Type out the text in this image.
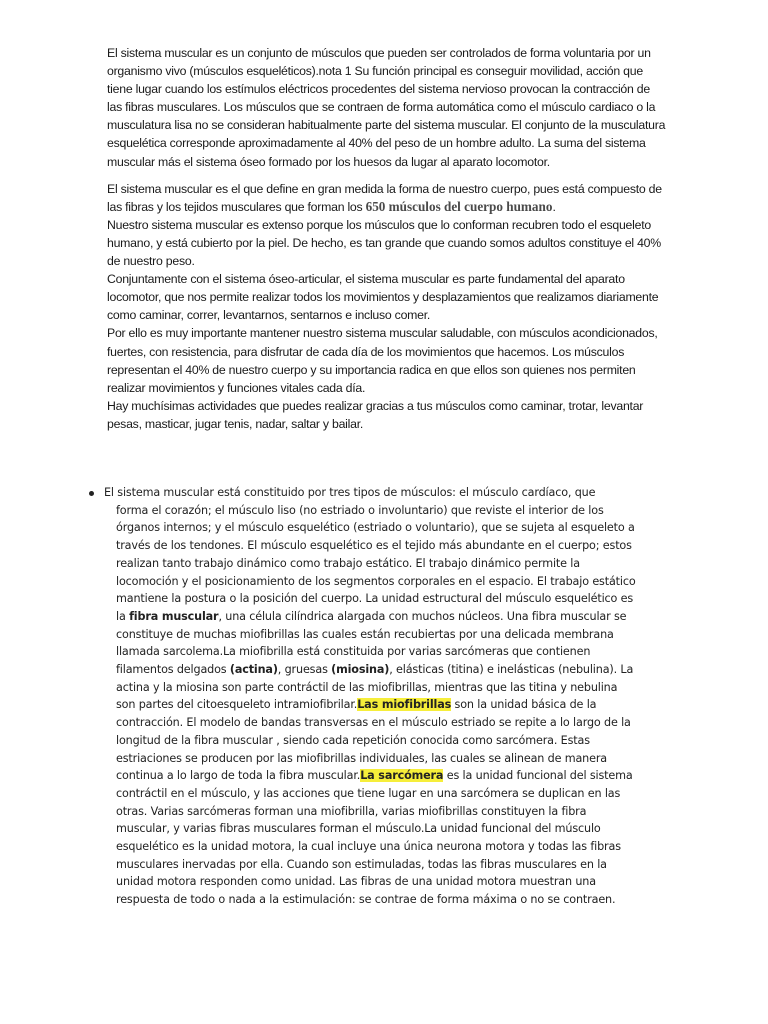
El sistema muscular es un conjunto de músculos que pueden ser controlados de forma voluntaria por un organismo vivo (músculos esqueléticos).nota 1 Su función principal es conseguir movilidad, acción que tiene lugar cuando los estímulos eléctricos procedentes del sistema nervioso provocan la contracción de las fibras musculares. Los músculos que se contraen de forma automática como el músculo cardiaco o la musculatura lisa no se consideran habitualmente parte del sistema muscular. El conjunto de la musculatura esquelética corresponde aproximadamente al 40% del peso de un hombre adulto. La suma del sistema muscular más el sistema óseo formado por los huesos da lugar al aparato locomotor.

El sistema muscular es el que define en gran medida la forma de nuestro cuerpo, pues está compuesto de las fibras y los tejidos musculares que forman los 650 músculos del cuerpo humano.

Nuestro sistema muscular es extenso porque los músculos que lo conforman recubren todo el esqueleto humano, y está cubierto por la piel. De hecho, es tan grande que cuando somos adultos constituye el 40% de nuestro peso.

Conjuntamente con el sistema óseo-articular, el sistema muscular es parte fundamental del aparato locomotor, que nos permite realizar todos los movimientos y desplazamientos que realizamos diariamente como caminar, correr, levantarnos, sentarnos e incluso comer.

Por ello es muy importante mantener nuestro sistema muscular saludable, con músculos acondicionados, fuertes, con resistencia, para disfrutar de cada día de los movimientos que hacemos. Los músculos representan el 40% de nuestro cuerpo y su importancia radica en que ellos son quienes nos permiten realizar movimientos y funciones vitales cada día.

Hay muchísimas actividades que puedes realizar gracias a tus músculos como caminar, trotar, levantar pesas, masticar, jugar tenis, nadar, saltar y bailar.

El sistema muscular está constituido por tres tipos de músculos: el músculo cardíaco, que
forma el corazón; el músculo liso (no estriado o involuntario) que reviste el interior de los
órganos internos; y el músculo esquelético (estriado o voluntario), que se sujeta al esqueleto a
través de los tendones. El músculo esquelético es el tejido más abundante en el cuerpo; estos
realizan tanto trabajo dinámico como trabajo estático. El trabajo dinámico permite la
locomoción y el posicionamiento de los segmentos corporales en el espacio. El trabajo estático
mantiene la postura o la posición del cuerpo. La unidad estructural del músculo esquelético es
la fibra muscular, una célula cilíndrica alargada con muchos núcleos. Una fibra muscular se
constituye de muchas miofibrillas las cuales están recubiertas por una delicada membrana
llamada sarcolema.La miofibrilla está constituida por varias sarcómeras que contienen
filamentos delgados (actina), gruesas (miosina), elásticas (titina) e inelásticas (nebulina). La
actina y la miosina son parte contráctil de las miofibrillas, mientras que las titina y nebulina
son partes del citoesqueleto intramiofibrilar.Las miofibrillas son la unidad básica de la
contracción. El modelo de bandas transversas en el músculo estriado se repite a lo largo de la
longitud de la fibra muscular , siendo cada repetición conocida como sarcómera. Estas
estriaciones se producen por las miofibrillas individuales, las cuales se alinean de manera
continua a lo largo de toda la fibra muscular.La sarcómera es la unidad funcional del sistema
contráctil en el músculo, y las acciones que tiene lugar en una sarcómera se duplican en las
otras. Varias sarcómeras forman una miofibrilla, varias miofibrillas constituyen la fibra
muscular, y varias fibras musculares forman el músculo.La unidad funcional del músculo
esquelético es la unidad motora, la cual incluye una única neurona motora y todas las fibras
musculares inervadas por ella. Cuando son estimuladas, todas las fibras musculares en la
unidad motora responden como unidad. Las fibras de una unidad motora muestran una
respuesta de todo o nada a la estimulación: se contrae de forma máxima o no se contraen.
